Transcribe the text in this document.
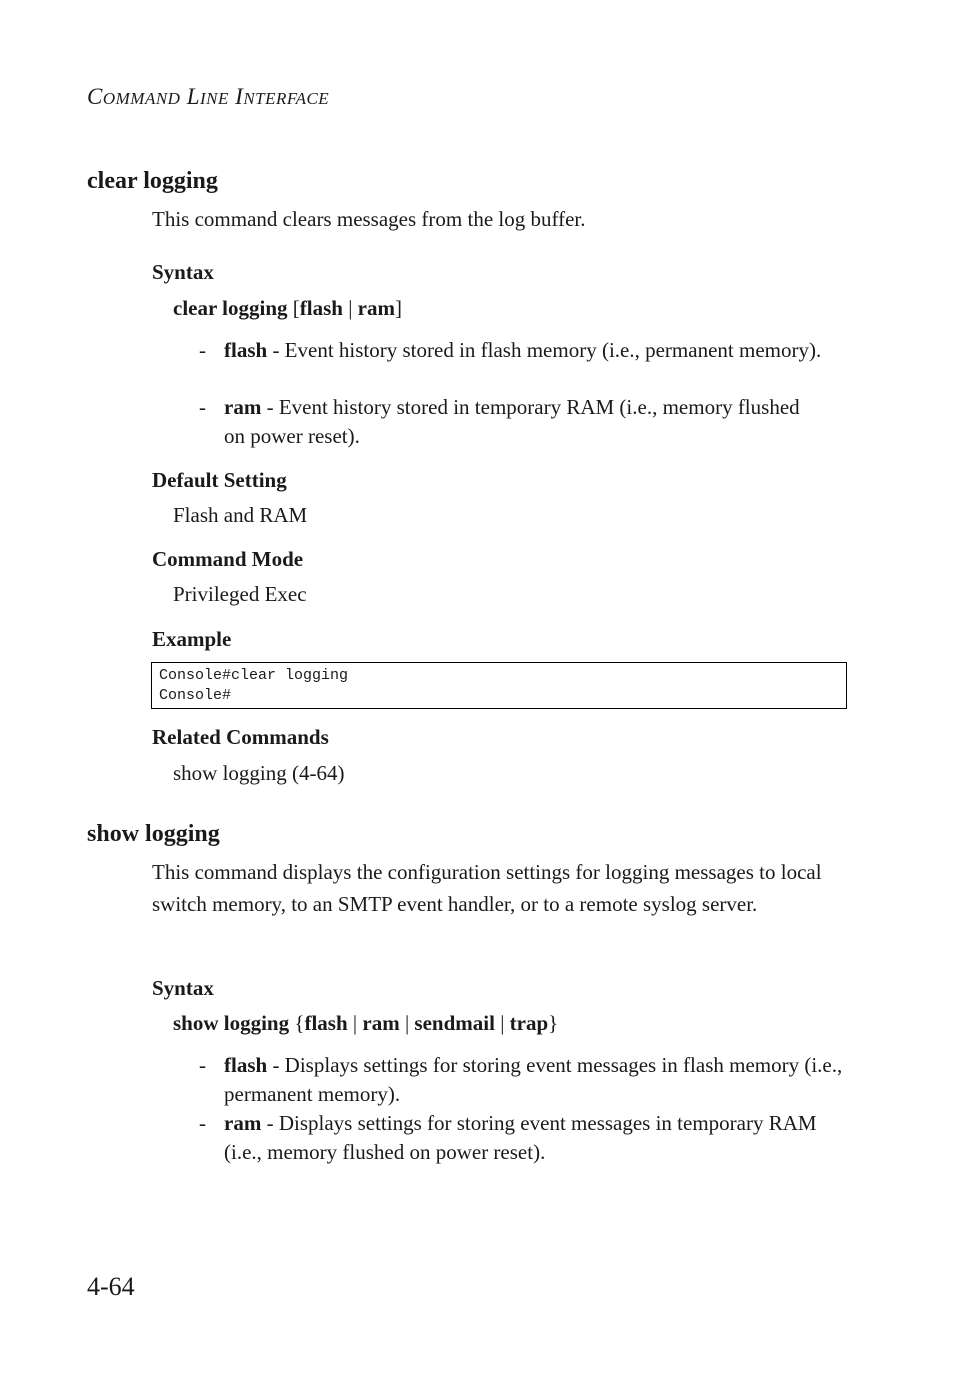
COMMAND LINE INTERFACE
clear logging
This command clears messages from the log buffer.
Syntax
clear logging [flash | ram]
- flash - Event history stored in flash memory (i.e., permanent memory).
- ram - Event history stored in temporary RAM (i.e., memory flushed on power reset).
Default Setting
Flash and RAM
Command Mode
Privileged Exec
Example
Console#clear logging
Console#
Related Commands
show logging (4-64)
show logging
This command displays the configuration settings for logging messages to local switch memory, to an SMTP event handler, or to a remote syslog server.
Syntax
show logging {flash | ram | sendmail | trap}
- flash - Displays settings for storing event messages in flash memory (i.e., permanent memory).
- ram - Displays settings for storing event messages in temporary RAM
(i.e., memory flushed on power reset).
4-64
